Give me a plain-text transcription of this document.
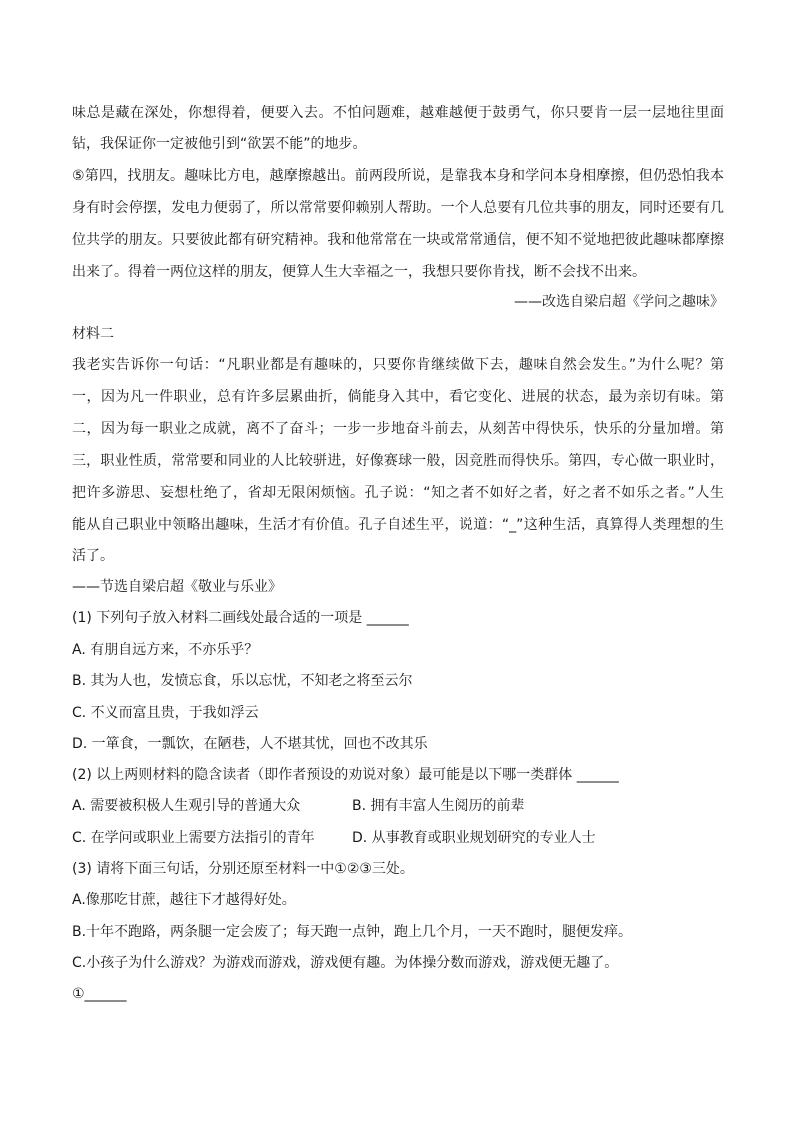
味总是藏在深处，你想得着，便要入去。不怕问题难，越难越便于鼓勇气，你只要肯一层一层地往里面
钻，我保证你一定被他引到“欲罢不能”的地步。
⑤第四，找朋友。趣味比方电，越摩擦越出。前两段所说，是靠我本身和学问本身相摩擦，但仍恐怕我本
身有时会停摆，发电力便弱了，所以常常要仰赖别人帮助。一个人总要有几位共事的朋友，同时还要有几
位共学的朋友。只要彼此都有研究精神。我和他常常在一块或常常通信，便不知不觉地把彼此趣味都摩擦
出来了。得着一两位这样的朋友，便算人生大幸福之一，我想只要你肯找，断不会找不出来。
——改选自梁启超《学问之趣味》
材料二
我老实告诉你一句话：“凡职业都是有趣味的，只要你肯继续做下去，趣味自然会发生。”为什么呢？第
一，因为凡一件职业，总有许多层累曲折，倘能身入其中，看它变化、进展的状态，最为亲切有味。第
二，因为每一职业之成就，离不了奋斗；一步一步地奋斗前去，从刻苦中得快乐，快乐的分量加增。第
三，职业性质，常常要和同业的人比较骈进，好像赛球一般，因竞胜而得快乐。第四，专心做一职业时，
把许多游思、妄想杜绝了，省却无限闲烦恼。孔子说：“知之者不如好之者，好之者不如乐之者。”人生
能从自己职业中领略出趣味，生活才有价值。孔子自述生平，说道：“_”这种生活，真算得人类理想的生
活了。
——节选自梁启超《敬业与乐业》
(1) 下列句子放入材料二画线处最合适的一项是 ______
A. 有朋自远方来，不亦乐乎？
B. 其为人也，发愤忘食，乐以忘忧，不知老之将至云尔
C. 不义而富且贵，于我如浮云
D. 一箪食，一瓢饮，在陋巷，人不堪其忧，回也不改其乐
(2) 以上两则材料的隐含读者（即作者预设的劝说对象）最可能是以下哪一类群体 ______
A. 需要被积极人生观引导的普通大众	B. 拥有丰富人生阅历的前辈
C. 在学问或职业上需要方法指引的青年	D. 从事教育或职业规划研究的专业人士
(3) 请将下面三句话，分别还原至材料一中①②③三处。
A.像那吃甘蔗，越往下才越得好处。
B.十年不跑路，两条腿一定会废了；每天跑一点钟，跑上几个月，一天不跑时，腿便发痒。
C.小孩子为什么游戏？为游戏而游戏，游戏便有趣。为体操分数而游戏，游戏便无趣了。
①______
